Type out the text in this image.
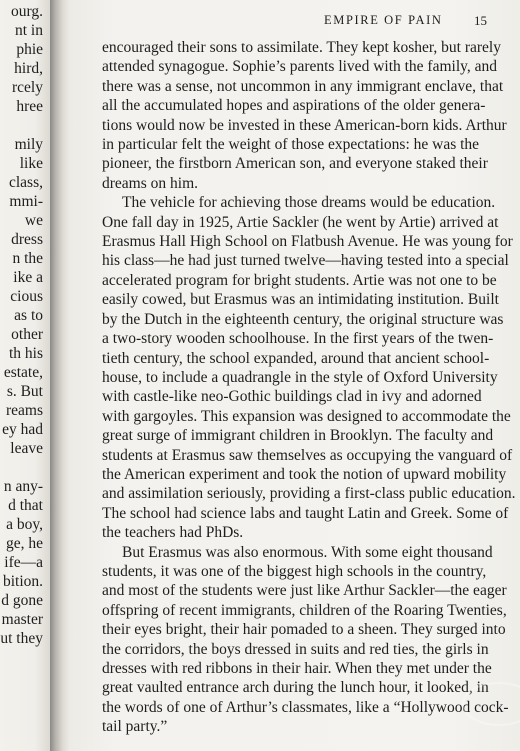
ourg.
nt in
phie
hird,
rcely
hree
mily
like
class,
mmi-
we
dress
n the
ike a
cious
as to
other
th his
estate,
s. But
reams
ey had
leave
n any-
d that
a boy,
ge, he
ife—a
bition.
d gone
master
ut they
EMPIRE OF PAIN 15

encouraged their sons to assimilate. They kept kosher, but rarely
attended synagogue. Sophie’s parents lived with the family, and
there was a sense, not uncommon in any immigrant enclave, that
all the accumulated hopes and aspirations of the older genera-
tions would now be invested in these American-born kids. Arthur
in particular felt the weight of those expectations: he was the
pioneer, the firstborn American son, and everyone staked their
dreams on him.

The vehicle for achieving those dreams would be education.
One fall day in 1925, Artie Sackler (he went by Artie) arrived at
Erasmus Hall High School on Flatbush Avenue. He was young for
his class—he had just turned twelve—having tested into a special
accelerated program for bright students. Artie was not one to be
easily cowed, but Erasmus was an intimidating institution. Built
by the Dutch in the eighteenth century, the original structure was
a two-story wooden schoolhouse. In the first years of the twen-
tieth century, the school expanded, around that ancient school-
house, to include a quadrangle in the style of Oxford University
with castle-like neo-Gothic buildings clad in ivy and adorned
with gargoyles. This expansion was designed to accommodate the
great surge of immigrant children in Brooklyn. The faculty and
students at Erasmus saw themselves as occupying the vanguard of
the American experiment and took the notion of upward mobility
and assimilation seriously, providing a first-class public education.
The school had science labs and taught Latin and Greek. Some of
the teachers had PhDs.

But Erasmus was also enormous. With some eight thousand
students, it was one of the biggest high schools in the country,
and most of the students were just like Arthur Sackler—the eager
offspring of recent immigrants, children of the Roaring Twenties,
their eyes bright, their hair pomaded to a sheen. They surged into
the corridors, the boys dressed in suits and red ties, the girls in
dresses with red ribbons in their hair. When they met under the
great vaulted entrance arch during the lunch hour, it looked, in
the words of one of Arthur’s classmates, like a “Hollywood cock-
tail party.”
